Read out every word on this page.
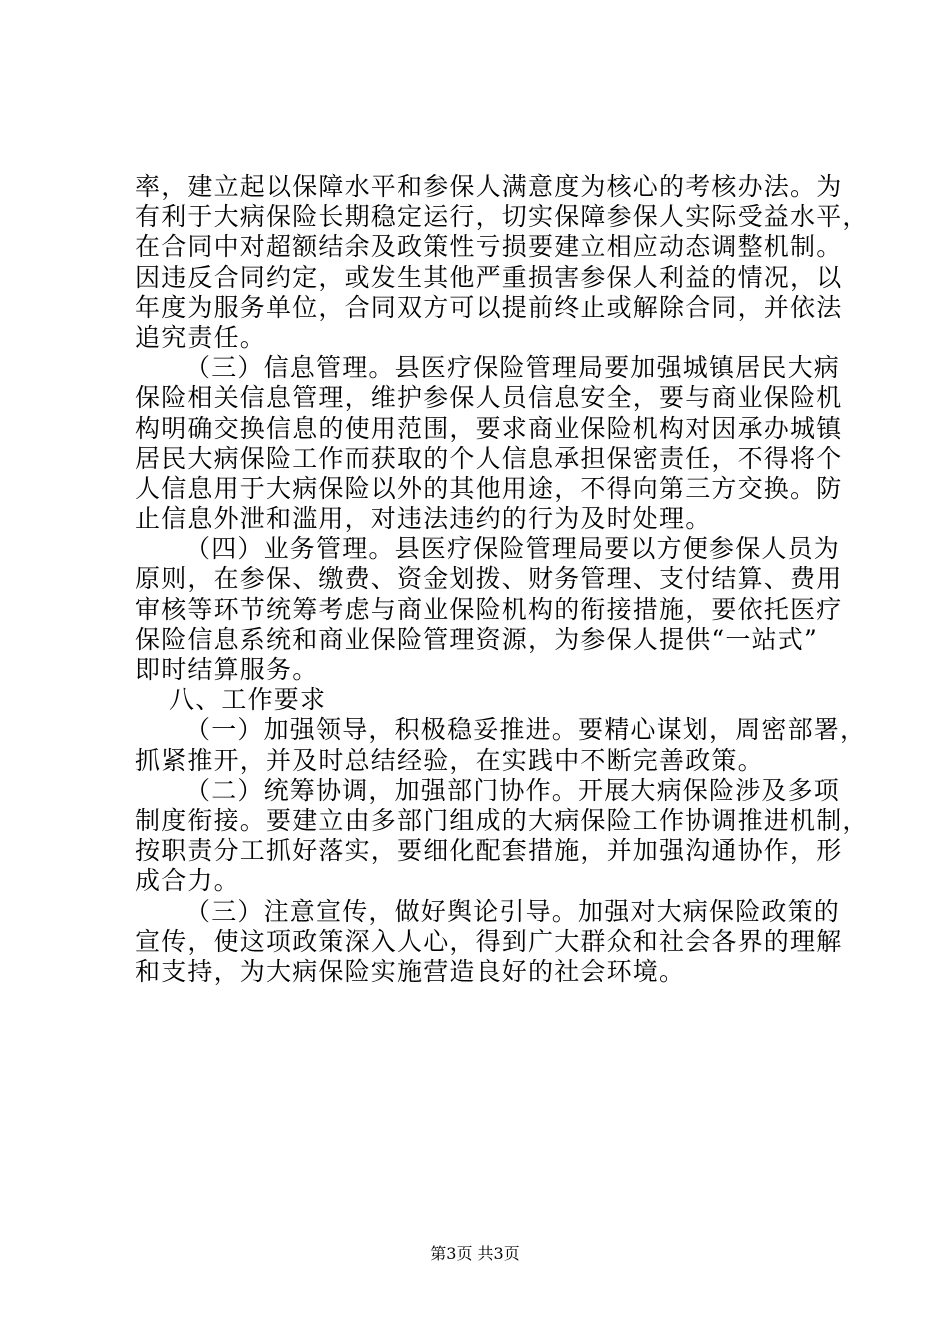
率，建立起以保障水平和参保人满意度为核心的考核办法。为
有利于大病保险长期稳定运行，切实保障参保人实际受益水平，
在合同中对超额结余及政策性亏损要建立相应动态调整机制。
因违反合同约定，或发生其他严重损害参保人利益的情况，以
年度为服务单位，合同双方可以提前终止或解除合同，并依法
追究责任。
（三）信息管理。县医疗保险管理局要加强城镇居民大病
保险相关信息管理，维护参保人员信息安全，要与商业保险机
构明确交换信息的使用范围，要求商业保险机构对因承办城镇
居民大病保险工作而获取的个人信息承担保密责任，不得将个
人信息用于大病保险以外的其他用途，不得向第三方交换。防
止信息外泄和滥用，对违法违约的行为及时处理。
（四）业务管理。县医疗保险管理局要以方便参保人员为
原则，在参保、缴费、资金划拨、财务管理、支付结算、费用
审核等环节统筹考虑与商业保险机构的衔接措施，要依托医疗
保险信息系统和商业保险管理资源，为参保人提供“一站式”
即时结算服务。
八、工作要求
（一）加强领导，积极稳妥推进。要精心谋划，周密部署，
抓紧推开，并及时总结经验，在实践中不断完善政策。
（二）统筹协调，加强部门协作。开展大病保险涉及多项
制度衔接。要建立由多部门组成的大病保险工作协调推进机制，
按职责分工抓好落实，要细化配套措施，并加强沟通协作，形
成合力。
（三）注意宣传，做好舆论引导。加强对大病保险政策的
宣传，使这项政策深入人心，得到广大群众和社会各界的理解
和支持，为大病保险实施营造良好的社会环境。
第3页 共3页
